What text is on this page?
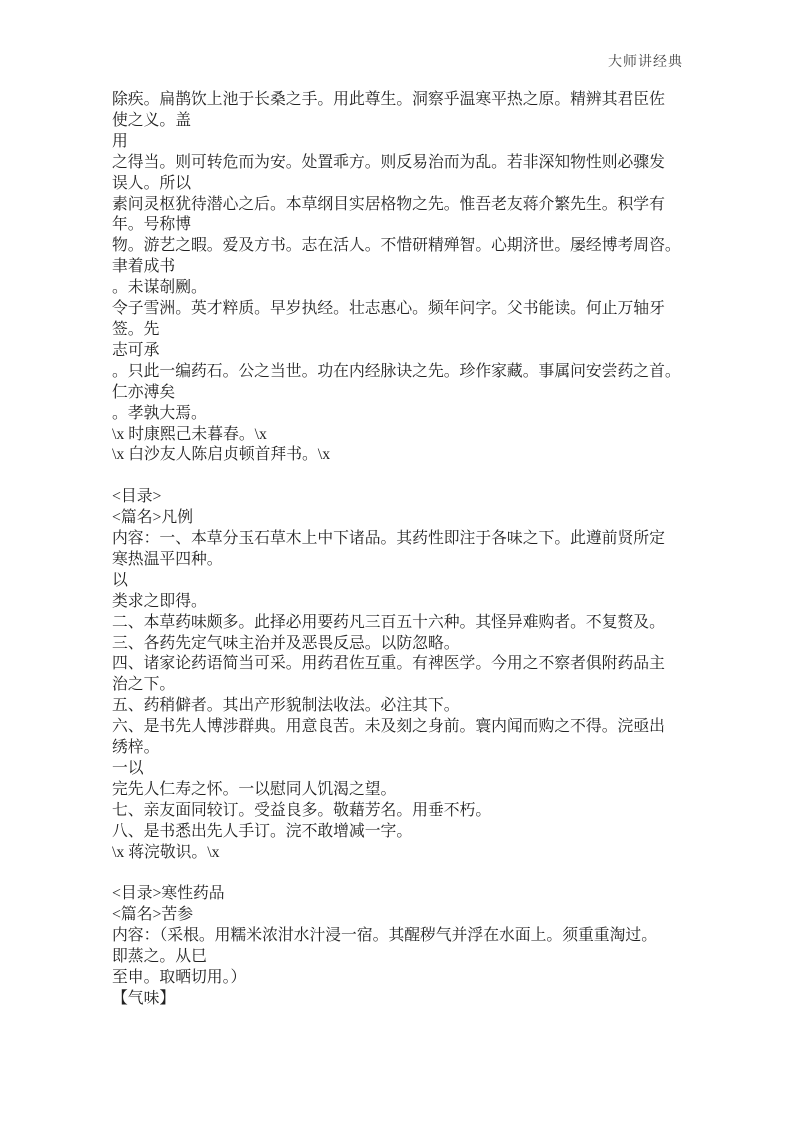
大师讲经典
除疾。扁鹊饮上池于长桑之手。用此尊生。洞察乎温寒平热之原。精辨其君臣佐
使之义。盖
用
之得当。则可转危而为安。处置乖方。则反易治而为乱。若非深知物性则必骤发
误人。所以
素问灵枢犹待潜心之后。本草纲目实居格物之先。惟吾老友蒋介繁先生。积学有
年。号称博
物。游艺之暇。爱及方书。志在活人。不惜研精殚智。心期济世。屡经博考周咨。
聿着成书
。未谋剞劂。
令子雪洲。英才粹质。早岁执经。壮志惠心。频年问字。父书能读。何止万轴牙
签。先
志可承
。只此一编药石。公之当世。功在内经脉诀之先。珍作家藏。事属问安尝药之首。
仁亦溥矣
。孝孰大焉。
\x 时康熙己未暮春。\x
\x 白沙友人陈启贞顿首拜书。\x
<目录>
<篇名>凡例
内容：一、本草分玉石草木上中下诸品。其药性即注于各味之下。此遵前贤所定
寒热温平四种。
以
类求之即得。
二、本草药味颇多。此择必用要药凡三百五十六种。其怪异难购者。不复赘及。
三、各药先定气味主治并及恶畏反忌。以防忽略。
四、诸家论药语简当可采。用药君佐互重。有禆医学。今用之不察者俱附药品主
治之下。
五、药稍僻者。其出产形貌制法收法。必注其下。
六、是书先人博涉群典。用意良苦。未及刻之身前。寰内闻而购之不得。浣亟出
绣梓。
一以
完先人仁寿之怀。一以慰同人饥渴之望。
七、亲友面同较订。受益良多。敬藉芳名。用垂不朽。
八、是书悉出先人手订。浣不敢增减一字。
\x 蒋浣敬识。\x
<目录>寒性药品
<篇名>苦参
内容：（采根。用糯米浓泔水汁浸一宿。其醒秽气并浮在水面上。须重重淘过。
即蒸之。从巳
至申。取晒切用。）
【气味】
